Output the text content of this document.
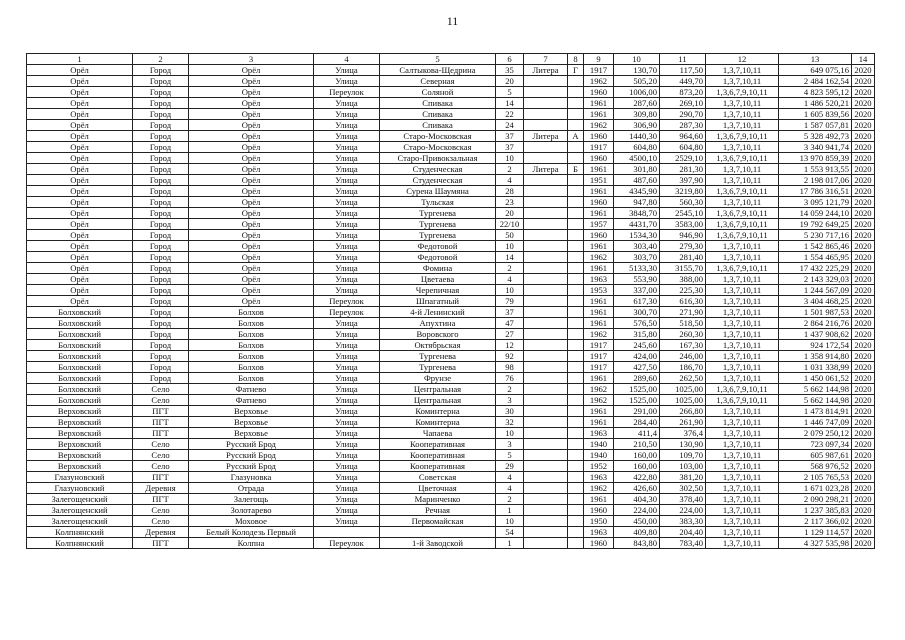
11
1	2	3	4	5	6	7	8	9	10	11	12	13	14
Орёл	Город	Орёл	Улица	Салтыкова-Щедрина	35	Литера	Г	1917	130,70	117,50	1,3,7,10,11	649 075,16	2020
Орёл	Город	Орёл	Улица	Северная	20			1962	505,20	449,70	1,3,7,10,11	2 484 162,54	2020
Орёл	Город	Орёл	Переулок	Соляной	5			1960	1006,00	873,20	1,3,6,7,9,10,11	4 823 595,12	2020
Орёл	Город	Орёл	Улица	Спивака	14			1961	287,60	269,10	1,3,7,10,11	1 486 520,21	2020
Орёл	Город	Орёл	Улица	Спивака	22			1961	309,80	290,70	1,3,7,10,11	1 605 839,56	2020
Орёл	Город	Орёл	Улица	Спивака	24			1962	306,90	287,30	1,3,7,10,11	1 587 057,81	2020
Орёл	Город	Орёл	Улица	Старо-Московская	37	Литера	А	1960	1440,30	964,60	1,3,6,7,9,10,11	5 328 492,73	2020
Орёл	Город	Орёл	Улица	Старо-Московская	37			1917	604,80	604,80	1,3,7,10,11	3 340 941,74	2020
Орёл	Город	Орёл	Улица	Старо-Привокзальная	10			1960	4500,10	2529,10	1,3,6,7,9,10,11	13 970 859,39	2020
Орёл	Город	Орёл	Улица	Студенческая	2	Литера	Б	1961	301,80	281,30	1,3,7,10,11	1 553 913,55	2020
Орёл	Город	Орёл	Улица	Студенческая	4			1951	487,60	397,90	1,3,7,10,11	2 198 017,06	2020
Орёл	Город	Орёл	Улица	Сурена Шаумяна	28			1961	4345,90	3219,80	1,3,6,7,9,10,11	17 786 316,51	2020
Орёл	Город	Орёл	Улица	Тульская	23			1960	947,80	560,30	1,3,7,10,11	3 095 121,79	2020
Орёл	Город	Орёл	Улица	Тургенева	20			1961	3848,70	2545,10	1,3,6,7,9,10,11	14 059 244,10	2020
Орёл	Город	Орёл	Улица	Тургенева	22/10			1957	4431,70	3583,00	1,3,6,7,9,10,11	19 792 649,25	2020
Орёл	Город	Орёл	Улица	Тургенева	50			1960	1534,30	946,90	1,3,6,7,9,10,11	5 230 717,16	2020
Орёл	Город	Орёл	Улица	Федотовой	10			1961	303,40	279,30	1,3,7,10,11	1 542 865,46	2020
Орёл	Город	Орёл	Улица	Федотовой	14			1962	303,70	281,40	1,3,7,10,11	1 554 465,95	2020
Орёл	Город	Орёл	Улица	Фомина	2			1961	5133,30	3155,70	1,3,6,7,9,10,11	17 432 225,29	2020
Орёл	Город	Орёл	Улица	Цветаева	4			1963	553,90	388,00	1,3,7,10,11	2 143 329,03	2020
Орёл	Город	Орёл	Улица	Черепичная	10			1953	337,00	225,30	1,3,7,10,11	1 244 567,09	2020
Орёл	Город	Орёл	Переулок	Шпагатный	79			1961	617,30	616,30	1,3,7,10,11	3 404 468,25	2020
Болховский	Город	Болхов	Переулок	4-й Ленинский	37			1961	300,70	271,90	1,3,7,10,11	1 501 987,53	2020
Болховский	Город	Болхов	Улица	Апухтина	47			1961	576,50	518,50	1,3,7,10,11	2 864 216,76	2020
Болховский	Город	Болхов	Улица	Воровского	27			1962	315,80	260,30	1,3,7,10,11	1 437 908,62	2020
Болховский	Город	Болхов	Улица	Октябрьская	12			1917	245,60	167,30	1,3,7,10,11	924 172,54	2020
Болховский	Город	Болхов	Улица	Тургенева	92			1917	424,00	246,00	1,3,7,10,11	1 358 914,80	2020
Болховский	Город	Болхов	Улица	Тургенева	98			1917	427,50	186,70	1,3,7,10,11	1 031 338,99	2020
Болховский	Город	Болхов	Улица	Фрунзе	76			1961	289,60	262,50	1,3,7,10,11	1 450 061,52	2020
Болховский	Село	Фатнево	Улица	Центральная	2			1962	1525,00	1025,00	1,3,6,7,9,10,11	5 662 144,98	2020
Болховский	Село	Фатнево	Улица	Центральная	3			1962	1525,00	1025,00	1,3,6,7,9,10,11	5 662 144,98	2020
Верховский	ПГТ	Верховье	Улица	Коминтерна	30			1961	291,00	266,80	1,3,7,10,11	1 473 814,91	2020
Верховский	ПГТ	Верховье	Улица	Коминтерна	32			1961	284,40	261,90	1,3,7,10,11	1 446 747,09	2020
Верховский	ПГТ	Верховье	Улица	Чапаева	10			1963	411,4	376,4	1,3,7,10,11	2 079 250,12	2020
Верховский	Село	Русский Брод	Улица	Кооперативная	3			1940	210,50	130,90	1,3,7,10,11	723 097,34	2020
Верховский	Село	Русский Брод	Улица	Кооперативная	5			1940	160,00	109,70	1,3,7,10,11	605 987,61	2020
Верховский	Село	Русский Брод	Улица	Кооперативная	29			1952	160,00	103,00	1,3,7,10,11	568 976,52	2020
Глазуновский	ПГТ	Глазуновка	Улица	Советская	4			1963	422,80	381,20	1,3,7,10,11	2 105 765,53	2020
Глазуновский	Деревня	Отрада	Улица	Цветочная	4			1962	426,60	302,50	1,3,7,10,11	1 671 023,28	2020
Залегощенский	ПГТ	Залегощь	Улица	Маринченко	2			1961	404,30	378,40	1,3,7,10,11	2 090 298,21	2020
Залегощенский	Село	Золотарево	Улица	Речная	1			1960	224,00	224,00	1,3,7,10,11	1 237 385,83	2020
Залегощенский	Село	Моховое	Улица	Первомайская	10			1950	450,00	383,30	1,3,7,10,11	2 117 366,02	2020
Колпнянский	Деревня	Белый Колодезь Первый			54			1963	409,80	204,40	1,3,7,10,11	1 129 114,57	2020
Колпнянский	ПГТ	Колпна	Переулок	1-й Заводской	1			1960	843,80	783,40	1,3,7,10,11	4 327 535,98	2020
